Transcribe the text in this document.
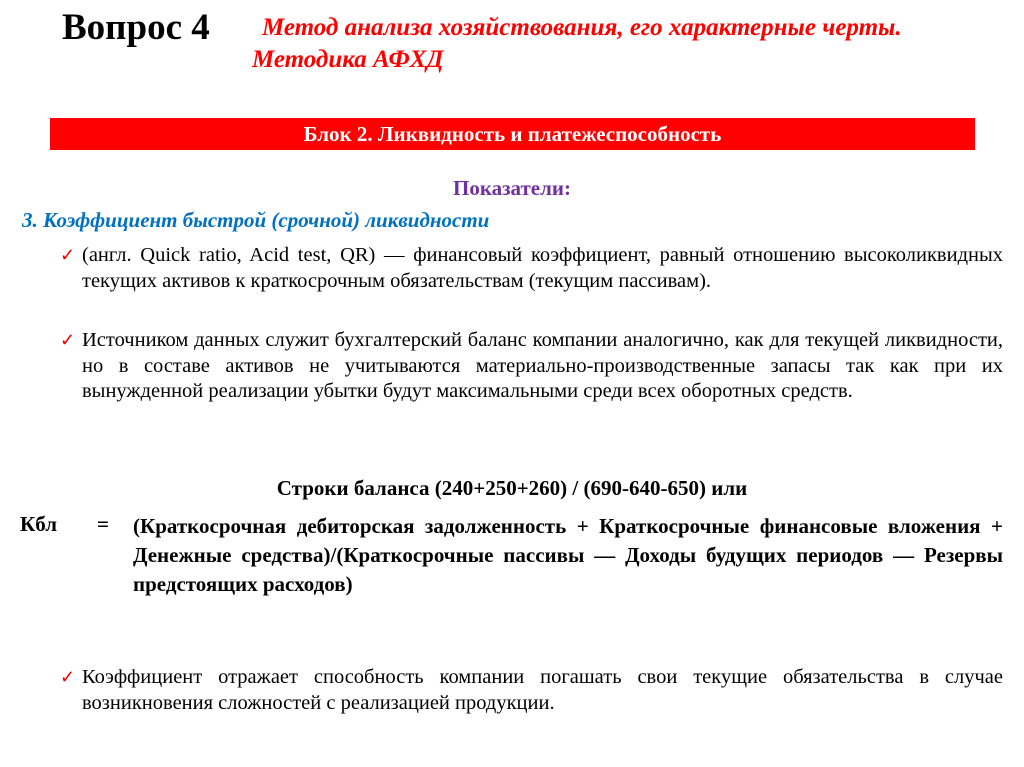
Вопрос 4 Метод анализа хозяйствования, его характерные черты.
Методика АФХД
Блок 2. Ликвидность и платежеспособность
Показатели:
3. Коэффициент быстрой (срочной) ликвидности
✓ (англ. Quick ratio, Acid test, QR) — финансовый коэффициент, равный отношению высоколиквидных текущих активов к краткосрочным обязательствам (текущим пассивам).
✓ Источником данных служит бухгалтерский баланс компании аналогично, как для текущей ликвидности, но в составе активов не учитываются материально-производственные запасы так как при их вынужденной реализации убытки будут максимальными среди всех оборотных средств.
Строки баланса (240+250+260) / (690-640-650) или
Кбл = (Краткосрочная дебиторская задолженность + Краткосрочные финансовые вложения + Денежные средства)/(Краткосрочные пассивы — Доходы будущих периодов — Резервы предстоящих расходов)
✓ Коэффициент отражает способность компании погашать свои текущие обязательства в случае возникновения сложностей с реализацией продукции.
